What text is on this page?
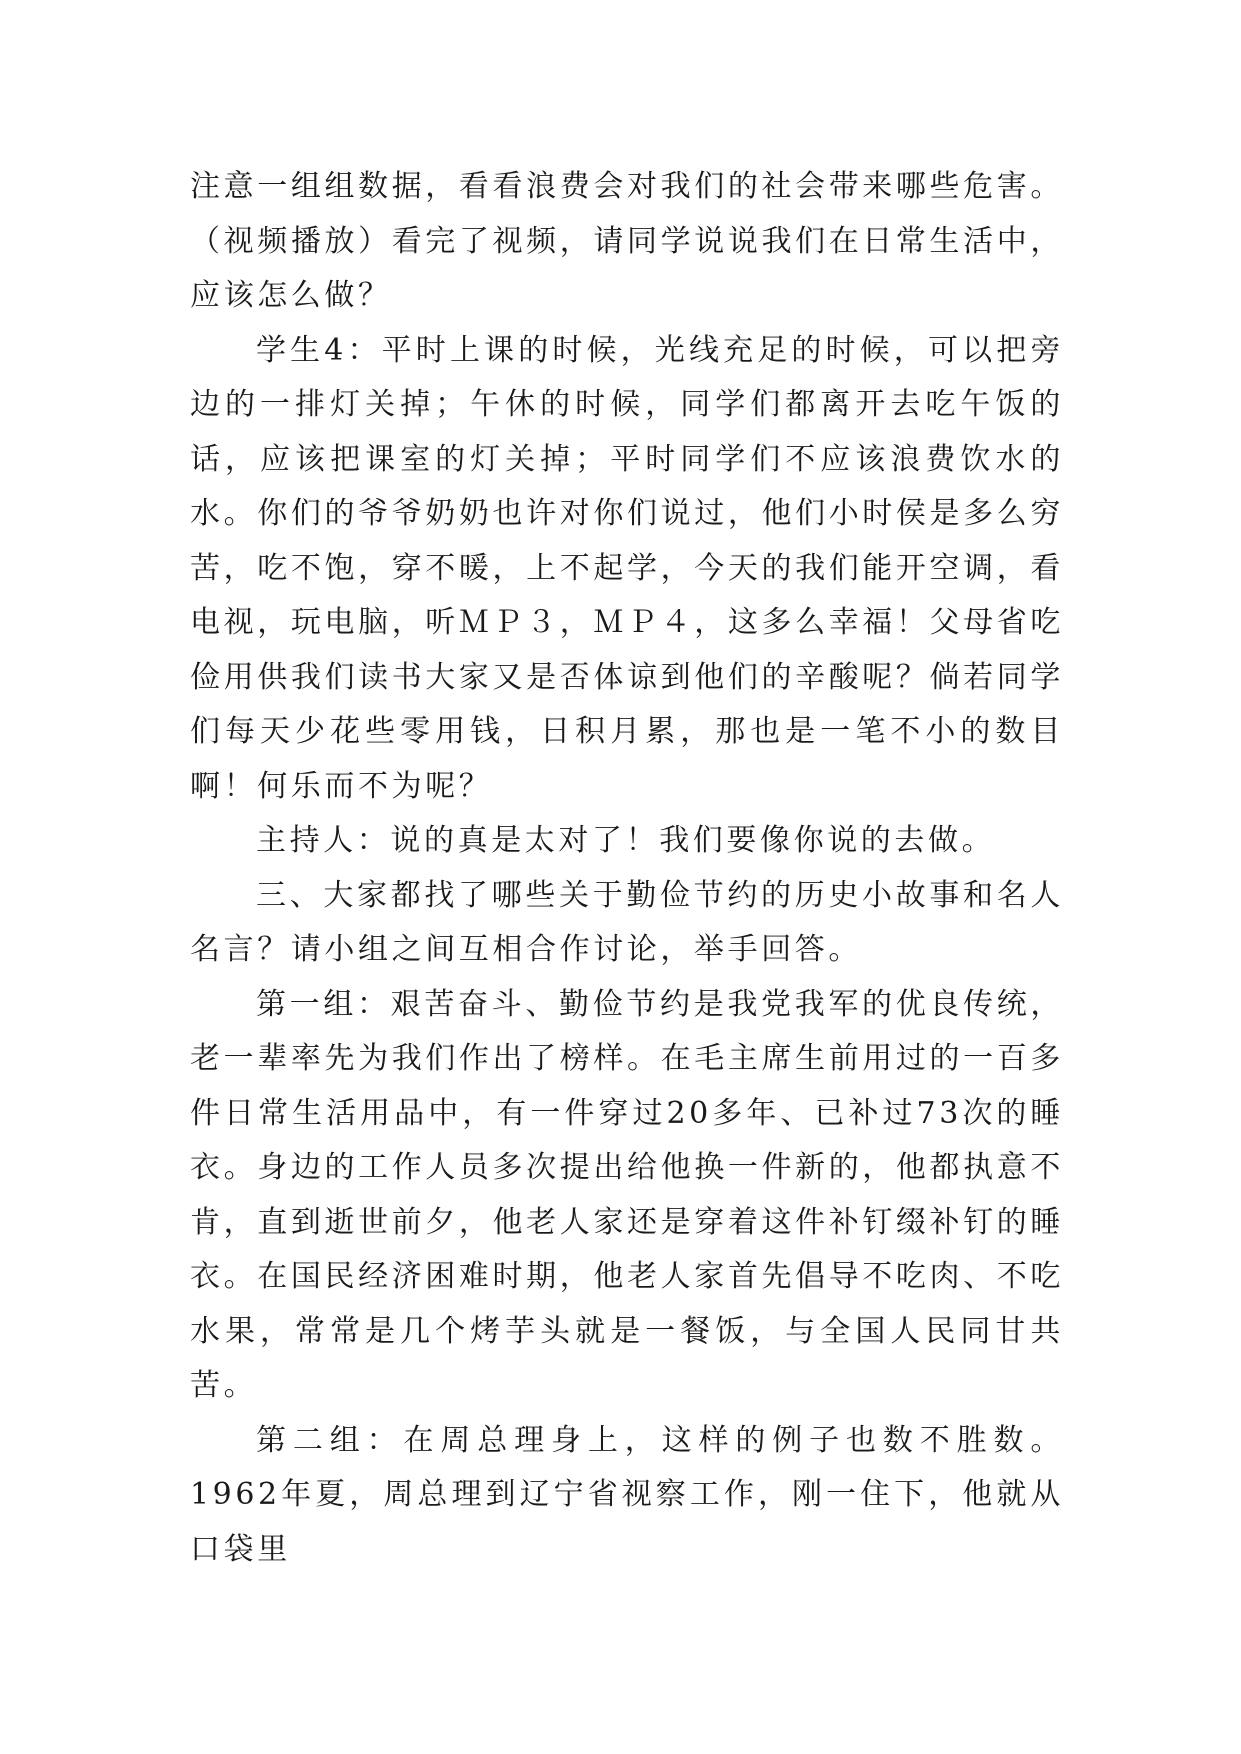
注意一组组数据，看看浪费会对我们的社会带来哪些危害。（视频播放）看完了视频，请同学说说我们在日常生活中，应该怎么做？

学生4：平时上课的时候，光线充足的时候，可以把旁边的一排灯关掉；午休的时候，同学们都离开去吃午饭的话，应该把课室的灯关掉；平时同学们不应该浪费饮水的水。你们的爷爷奶奶也许对你们说过，他们小时侯是多么穷苦，吃不饱，穿不暖，上不起学，今天的我们能开空调，看电视，玩电脑，听ＭＰ３，ＭＰ４，这多么幸福！父母省吃俭用供我们读书大家又是否体谅到他们的辛酸呢？倘若同学们每天少花些零用钱，日积月累，那也是一笔不小的数目啊！何乐而不为呢？

主持人：说的真是太对了！我们要像你说的去做。

三、大家都找了哪些关于勤俭节约的历史小故事和名人名言？请小组之间互相合作讨论，举手回答。

第一组：艰苦奋斗、勤俭节约是我党我军的优良传统，老一辈率先为我们作出了榜样。在毛主席生前用过的一百多件日常生活用品中，有一件穿过20多年、已补过73次的睡衣。身边的工作人员多次提出给他换一件新的，他都执意不肯，直到逝世前夕，他老人家还是穿着这件补钉缀补钉的睡衣。在国民经济困难时期，他老人家首先倡导不吃肉、不吃水果，常常是几个烤芋头就是一餐饭，与全国人民同甘共苦。

第二组：在周总理身上，这样的例子也数不胜数。1962年夏，周总理到辽宁省视察工作，刚一住下，他就从口袋里
